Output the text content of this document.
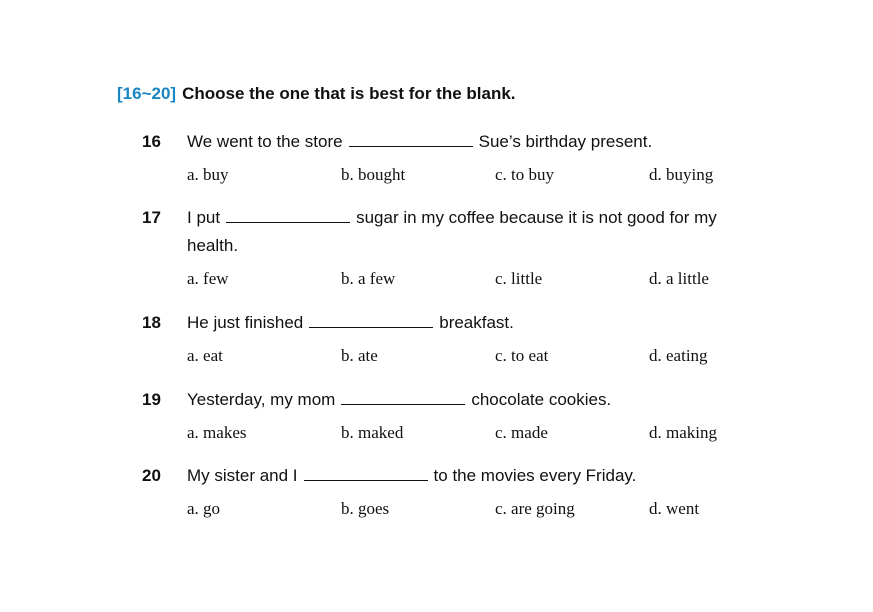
[16~20] Choose the one that is best for the blank.
16 We went to the store	Sue’s birthday present.
a. buy	b. bought	c. to buy	d. buying
17 I put	sugar in my coffee because it is not good for my health.
a. few	b. a few	c. little	d. a little
18 He just finished	breakfast.
a. eat	b. ate	c. to eat	d. eating
19 Yesterday, my mom	chocolate cookies.
a. makes	b. maked	c. made	d. making
20 My sister and I	to the movies every Friday.
a. go	b. goes	c. are going	d. went
